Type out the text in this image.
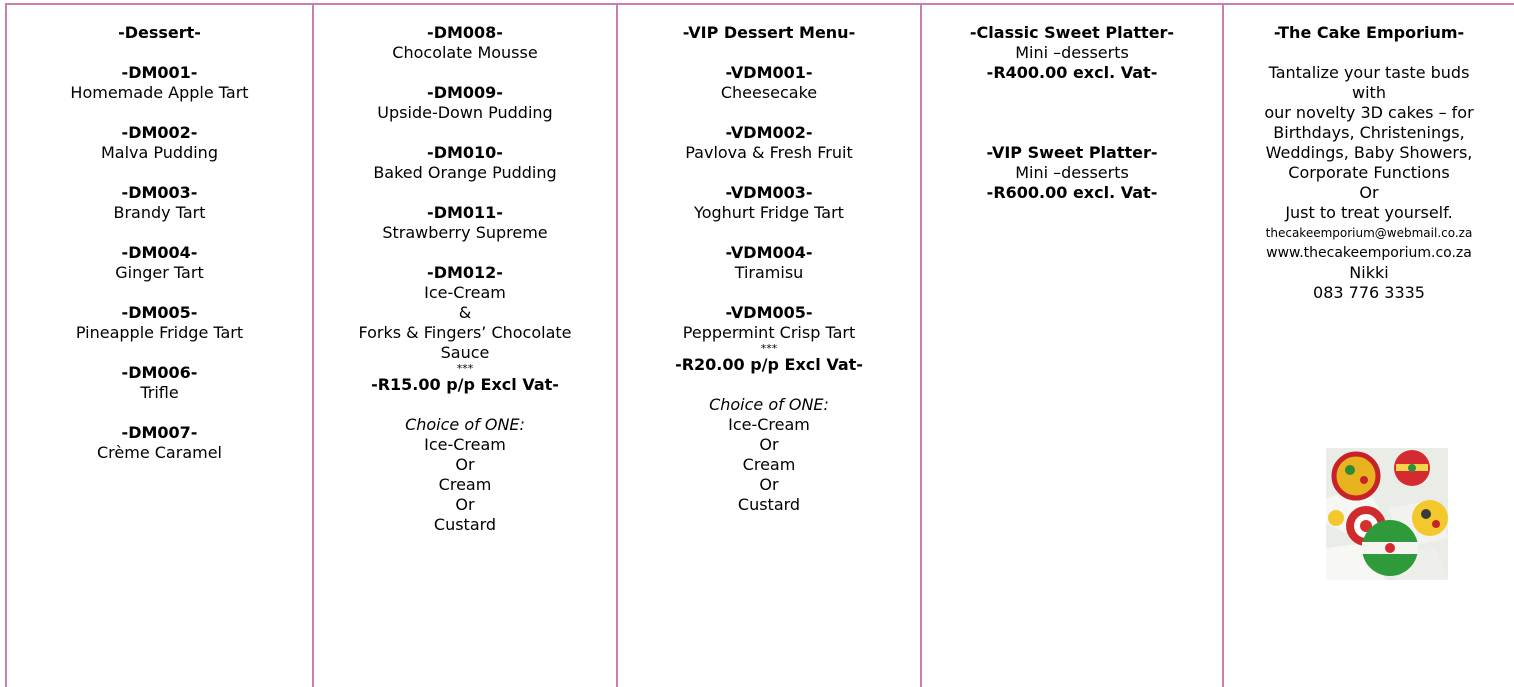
-Dessert-
-DM001-
Homemade Apple Tart
-DM002-
Malva Pudding
-DM003-
Brandy Tart
-DM004-
Ginger Tart
-DM005-
Pineapple Fridge Tart
-DM006-
Trifle
-DM007-
Crème Caramel
-DM008-
Chocolate Mousse
-DM009-
Upside-Down Pudding
-DM010-
Baked Orange Pudding
-DM011-
Strawberry Supreme
-DM012-
Ice-Cream
&
Forks & Fingers’ Chocolate
Sauce
***
-R15.00 p/p Excl Vat-
Choice of ONE:
Ice-Cream
Or
Cream
Or
Custard
-VIP Dessert Menu-
-VDM001-
Cheesecake
-VDM002-
Pavlova & Fresh Fruit
-VDM003-
Yoghurt Fridge Tart
-VDM004-
Tiramisu
-VDM005-
Peppermint Crisp Tart
***
-R20.00 p/p Excl Vat-
Choice of ONE:
Ice-Cream
Or
Cream
Or
Custard
-Classic Sweet Platter-
Mini –desserts
-R400.00 excl. Vat-
-VIP Sweet Platter-
Mini –desserts
-R600.00 excl. Vat-
-The Cake Emporium-
Tantalize your taste buds
with
our novelty 3D cakes – for
Birthdays, Christenings,
Weddings, Baby Showers,
Corporate Functions
Or
Just to treat yourself.
thecakeemporium@webmail.co.za
www.thecakeemporium.co.za
Nikki
083 776 3335
